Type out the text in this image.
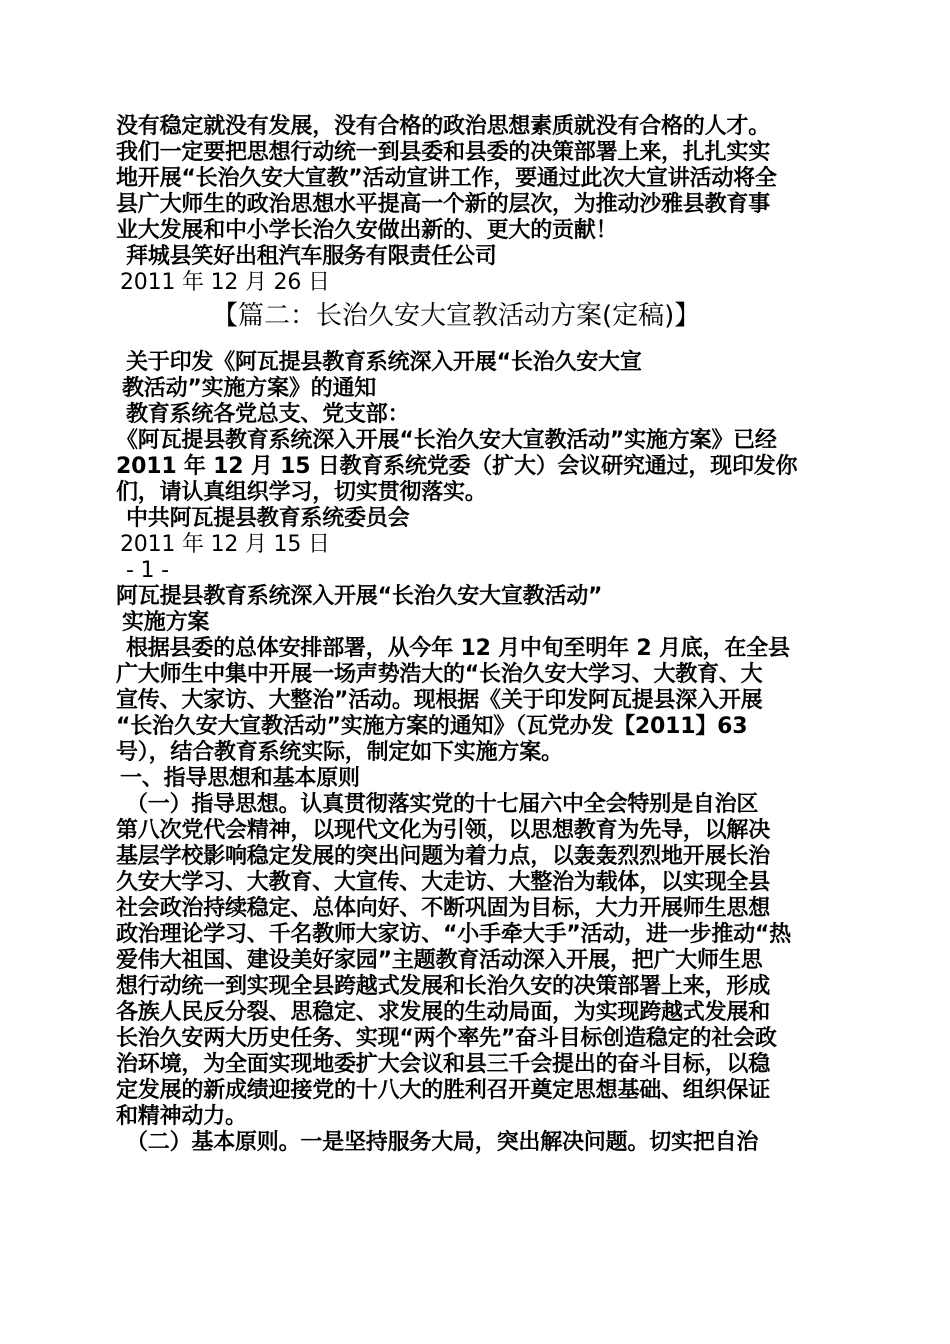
没有稳定就没有发展，没有合格的政治思想素质就没有合格的人才。
我们一定要把思想行动统一到县委和县委的决策部署上来，扎扎实实
地开展“长治久安大宣教”活动宣讲工作，要通过此次大宣讲活动将全
县广大师生的政治思想水平提高一个新的层次，为推动沙雅县教育事
业大发展和中小学长治久安做出新的、更大的贡献！
拜城县笑好出租汽车服务有限责任公司
2011 年 12 月 26 日
【篇二：长治久安大宣教活动方案(定稿)】
关于印发《阿瓦提县教育系统深入开展“长治久安大宣
教活动”实施方案》的通知
教育系统各党总支、党支部：
《阿瓦提县教育系统深入开展“长治久安大宣教活动”实施方案》已经
2011 年 12 月 15 日教育系统党委（扩大）会议研究通过，现印发你
们，请认真组织学习，切实贯彻落实。
中共阿瓦提县教育系统委员会
2011 年 12 月 15 日
- 1 -
阿瓦提县教育系统深入开展“长治久安大宣教活动”
实施方案
根据县委的总体安排部署，从今年 12 月中旬至明年 2 月底，在全县
广大师生中集中开展一场声势浩大的“长治久安大学习、大教育、大
宣传、大家访、大整治”活动。现根据《关于印发阿瓦提县深入开展
“长治久安大宣教活动”实施方案的通知》（瓦党办发【2011】63
号），结合教育系统实际，制定如下实施方案。
一、指导思想和基本原则
（一）指导思想。认真贯彻落实党的十七届六中全会特别是自治区
第八次党代会精神，以现代文化为引领，以思想教育为先导，以解决
基层学校影响稳定发展的突出问题为着力点，以轰轰烈烈地开展长治
久安大学习、大教育、大宣传、大走访、大整治为载体，以实现全县
社会政治持续稳定、总体向好、不断巩固为目标，大力开展师生思想
政治理论学习、千名教师大家访、“小手牵大手”活动，进一步推动“热
爱伟大祖国、建设美好家园”主题教育活动深入开展，把广大师生思
想行动统一到实现全县跨越式发展和长治久安的决策部署上来，形成
各族人民反分裂、思稳定、求发展的生动局面，为实现跨越式发展和
长治久安两大历史任务、实现“两个率先”奋斗目标创造稳定的社会政
治环境，为全面实现地委扩大会议和县三千会提出的奋斗目标，以稳
定发展的新成绩迎接党的十八大的胜利召开奠定思想基础、组织保证
和精神动力。
（二）基本原则。一是坚持服务大局，突出解决问题。切实把自治
